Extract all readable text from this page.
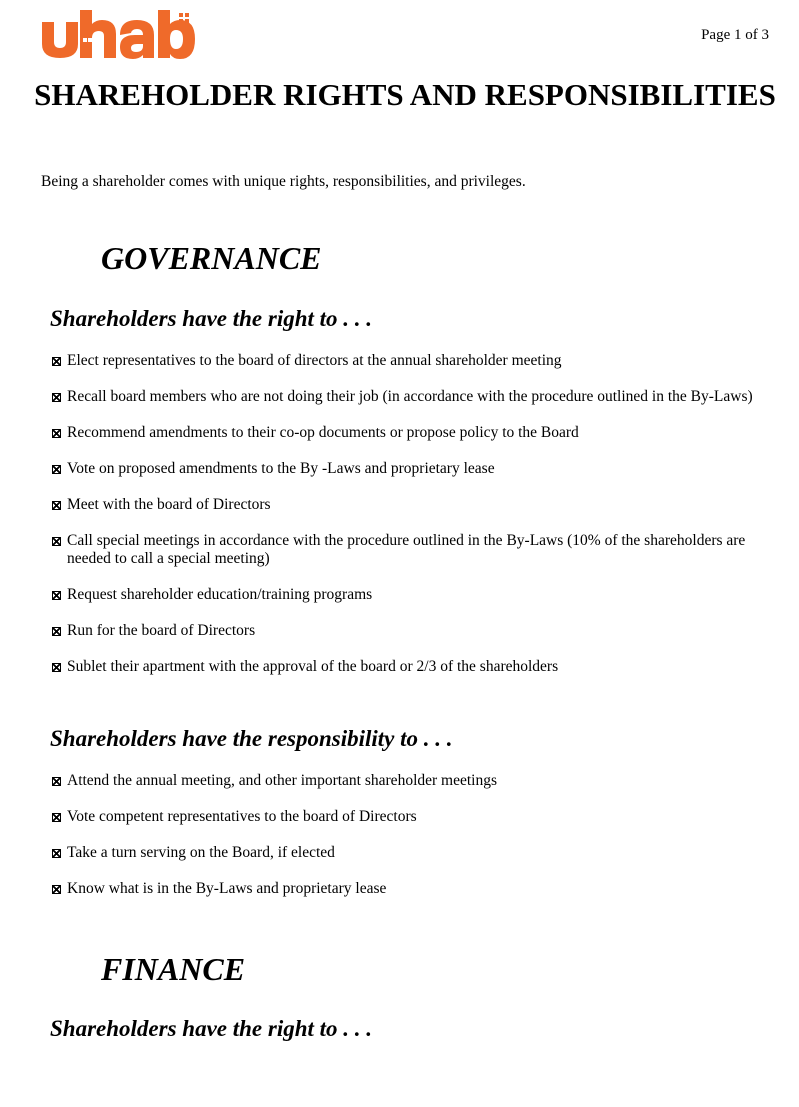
Page 1 of 3
SHAREHOLDER RIGHTS AND RESPONSIBILITIES

Being a shareholder comes with unique rights, responsibilities, and privileges.

GOVERNANCE
Shareholders have the right to . . .
Elect representatives to the board of directors at the annual shareholder meeting
Recall board members who are not doing their job (in accordance with the procedure outlined in the By-Laws)
Recommend amendments to their co-op documents or propose policy to the Board
Vote on proposed amendments to the By -Laws and proprietary lease
Meet with the board of Directors
Call special meetings in accordance with the procedure outlined in the By-Laws (10% of the shareholders are needed to call a special meeting)
Request shareholder education/training programs
Run for the board of Directors
Sublet their apartment with the approval of the board or 2/3 of the shareholders
Shareholders have the responsibility to . . .
Attend the annual meeting, and other important shareholder meetings
Vote competent representatives to the board of Directors
Take a turn serving on the Board, if elected
Know what is in the By-Laws and proprietary lease
FINANCE
Shareholders have the right to . . .
